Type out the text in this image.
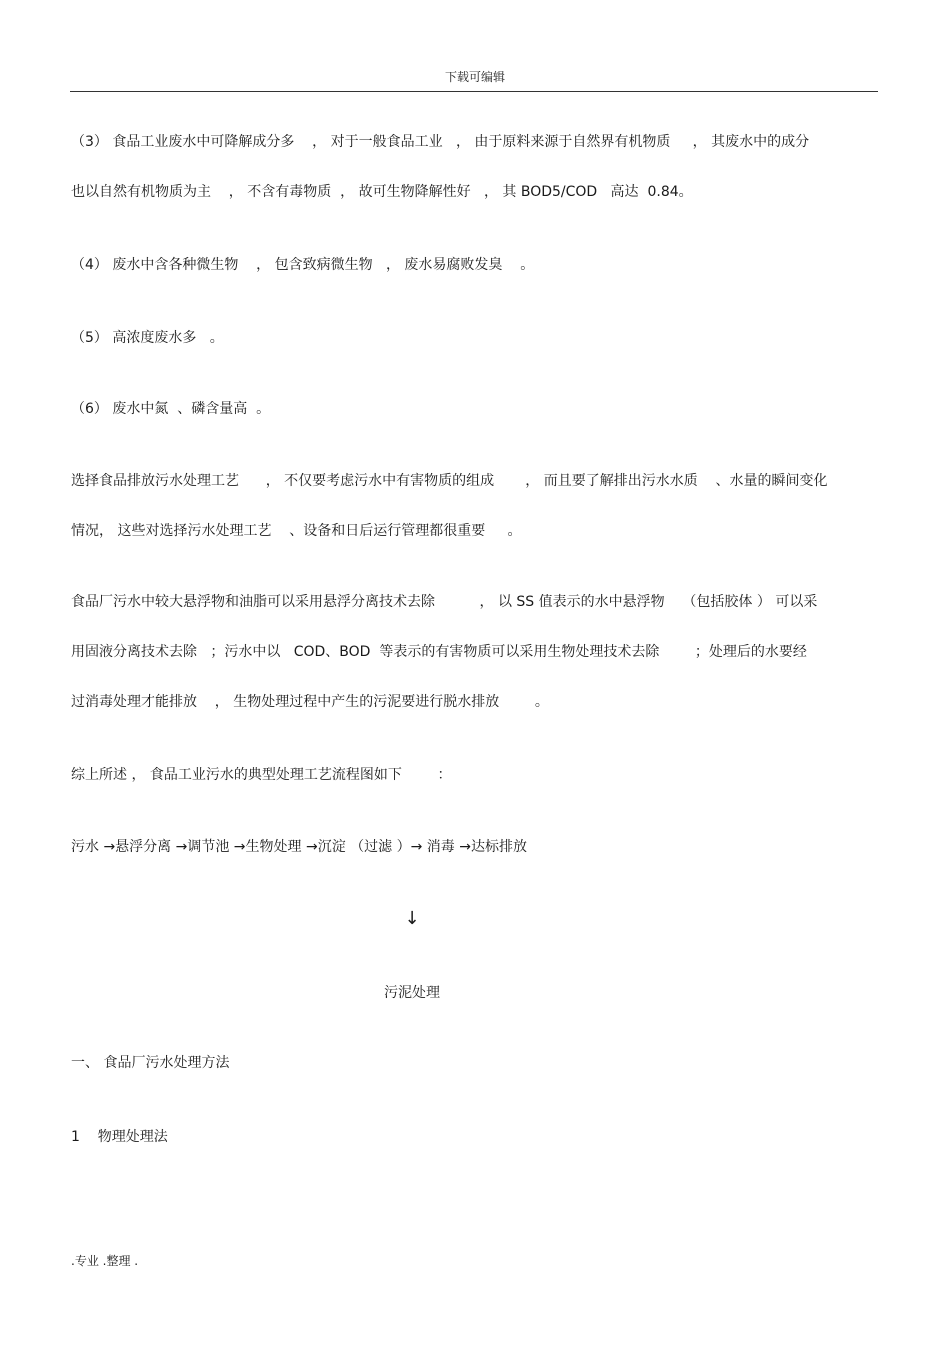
下载可编辑
（3） 食品工业废水中可降解成分多    ， 对于一般食品工业   ， 由于原料来源于自然界有机物质     ， 其废水中的成分
也以自然有机物质为主    ， 不含有毒物质  ， 故可生物降解性好   ， 其 BOD5/COD   高达  0.84。
（4） 废水中含各种微生物    ， 包含致病微生物   ， 废水易腐败发臭    。
（5） 高浓度废水多   。
（6） 废水中氮  、磷含量高  。
选择食品排放污水处理工艺      ， 不仅要考虑污水中有害物质的组成       ， 而且要了解排出污水水质    、水量的瞬间变化
情况， 这些对选择污水处理工艺    、设备和日后运行管理都很重要     。
食品厂污水中较大悬浮物和油脂可以采用悬浮分离技术去除          ， 以 SS 值表示的水中悬浮物    （包括胶体 ） 可以采
用固液分离技术去除   ；污水中以   COD、BOD  等表示的有害物质可以采用生物处理技术去除        ；处理后的水要经
过消毒处理才能排放    ， 生物处理过程中产生的污泥要进行脱水排放        。
综上所述 ， 食品工业污水的典型处理工艺流程图如下        ：
污水 →悬浮分离 →调节池 →生物处理 →沉淀 （过滤 ）→ 消毒 →达标排放
↓
污泥处理
一、 食品厂污水处理方法
1    物理处理法
.专业 .整理 .
